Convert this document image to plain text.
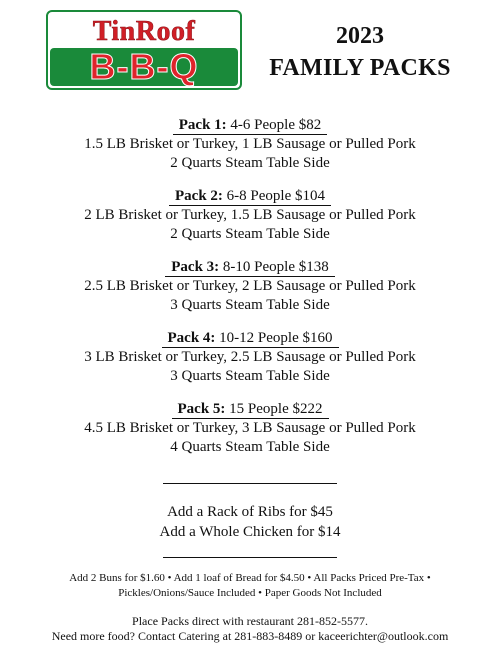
TinRoof
B-B-Q
2023
FAMILY PACKS
Pack 1: 4-6 People $82
1.5 LB Brisket or Turkey, 1 LB Sausage or Pulled Pork
2 Quarts Steam Table Side
Pack 2: 6-8 People $104
2 LB Brisket or Turkey, 1.5 LB Sausage or Pulled Pork
2 Quarts Steam Table Side
Pack 3: 8-10 People $138
2.5 LB Brisket or Turkey, 2 LB Sausage or Pulled Pork
3 Quarts Steam Table Side
Pack 4: 10-12 People $160
3 LB Brisket or Turkey, 2.5 LB Sausage or Pulled Pork
3 Quarts Steam Table Side
Pack 5: 15 People $222
4.5 LB Brisket or Turkey, 3 LB Sausage or Pulled Pork
4 Quarts Steam Table Side
Add a Rack of Ribs for $45
Add a Whole Chicken for $14
Add 2 Buns for $1.60 • Add 1 loaf of Bread for $4.50 • All Packs Priced Pre-Tax •
Pickles/Onions/Sauce Included • Paper Goods Not Included
Place Packs direct with restaurant 281-852-5577.
Need more food? Contact Catering at 281-883-8489 or kaceerichter@outlook.com
